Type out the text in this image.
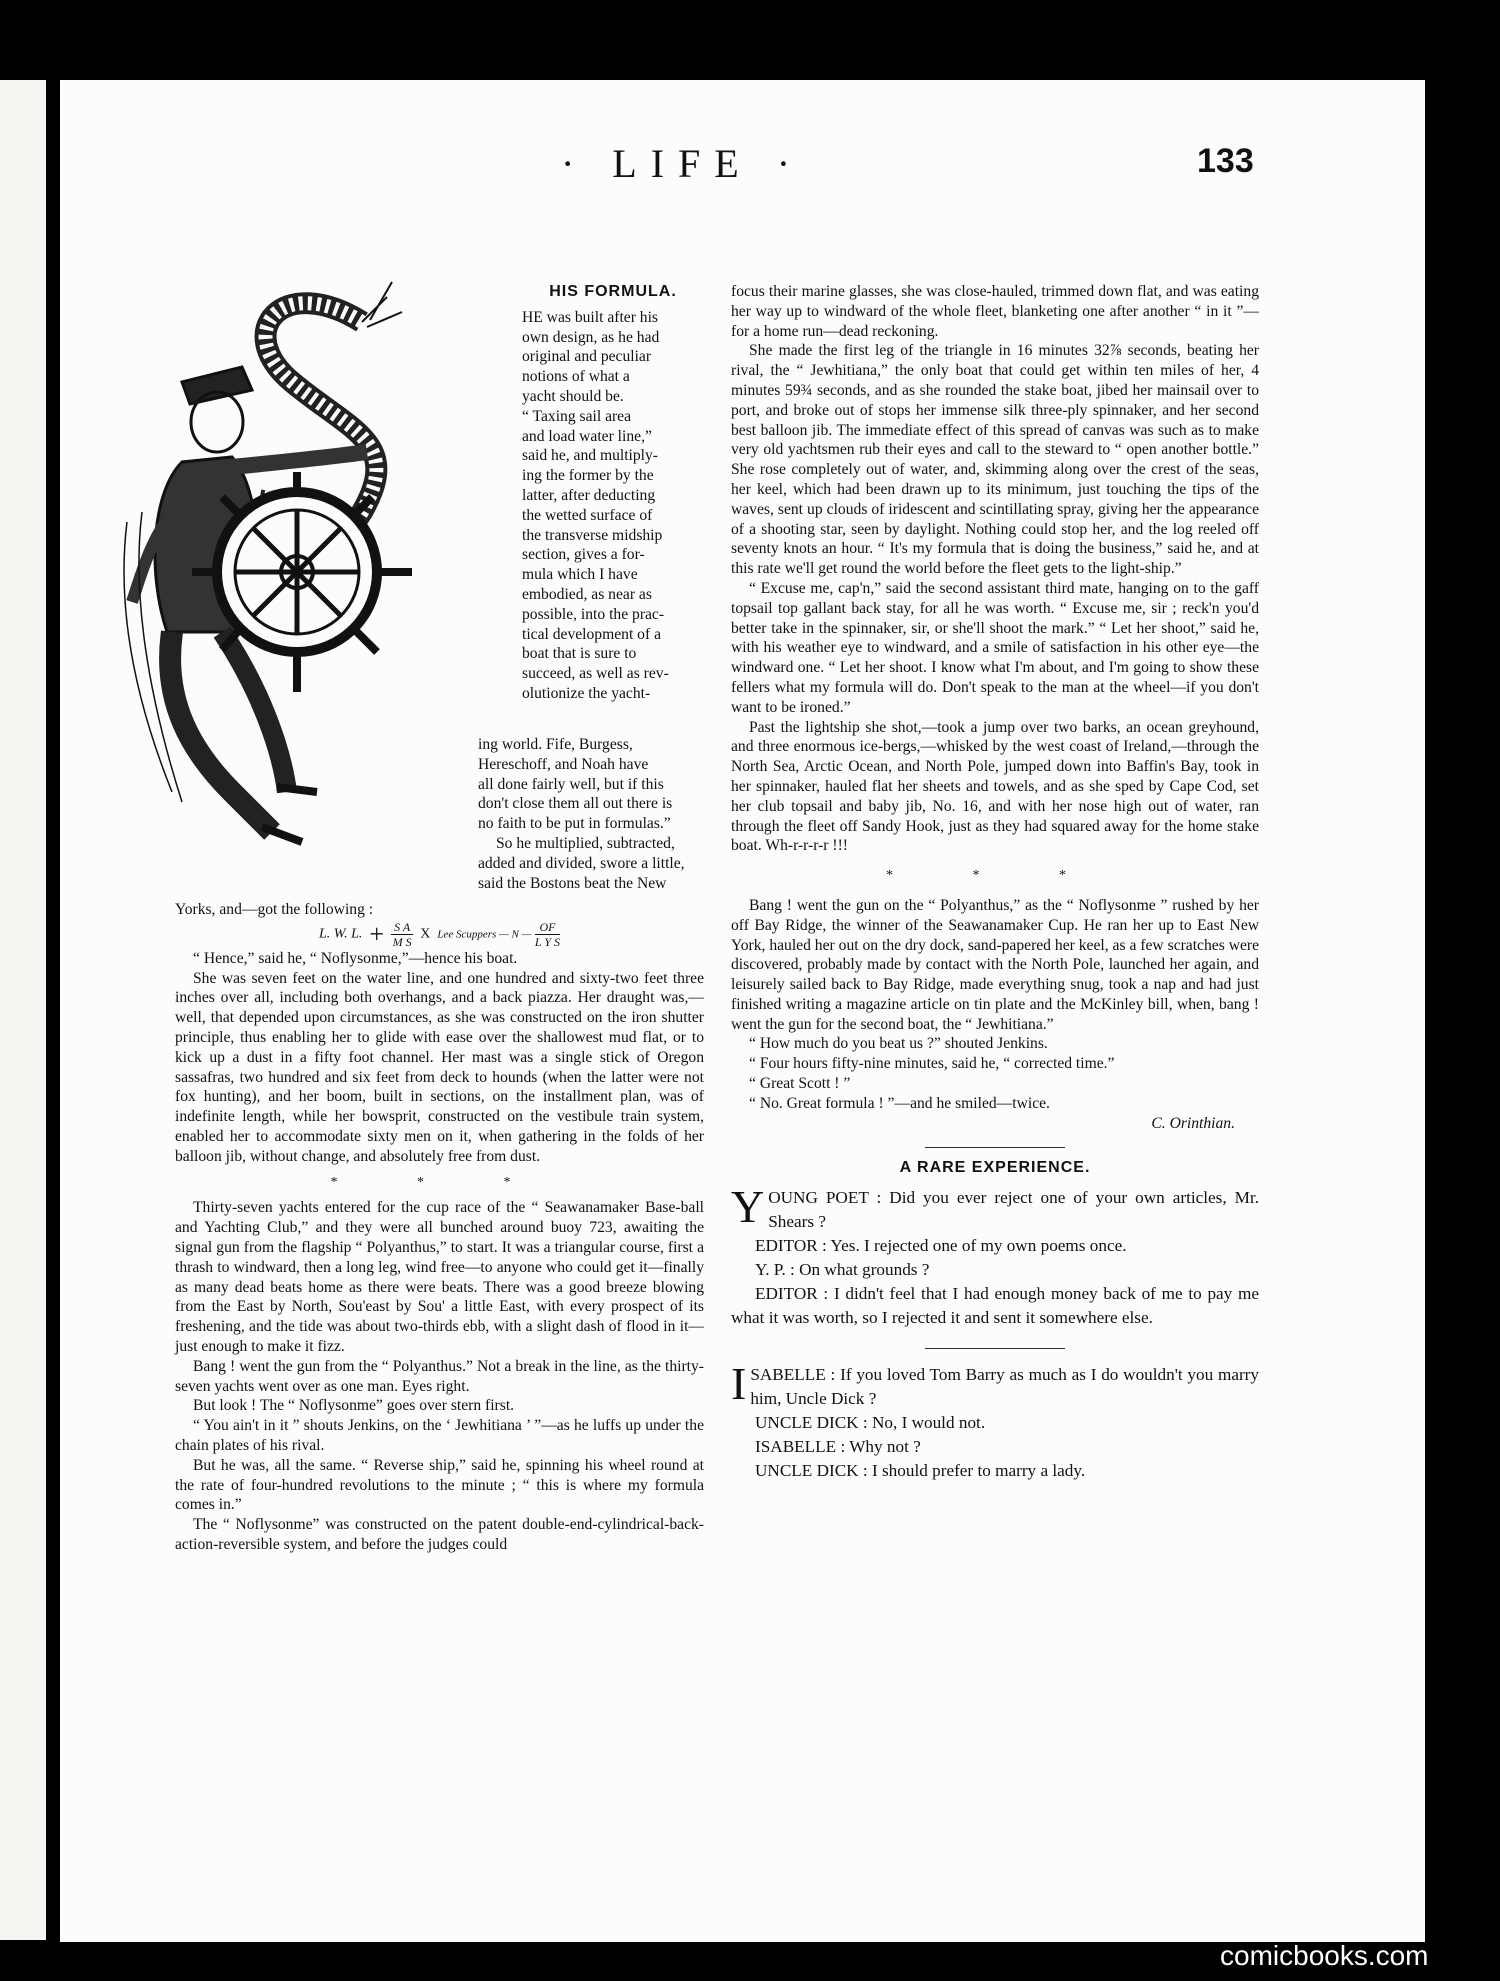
· LIFE ·	133

HIS FORMULA.

HE was built after his

own design, as he had

original and peculiar

notions of what a

yacht should be.

“ Taxing sail area

and load water line,”

said he, and multiply-

ing the former by the

latter, after deducting

the wetted surface of

the transverse midship

section, gives a for-

mula which I have

embodied, as near as

possible, into the prac-

tical development of a

boat that is sure to

succeed, as well as rev-

olutionize the yacht-

ing world. Fife, Burgess,

Hereschoff, and Noah have

all done fairly well, but if this

don't close them all out there is

no faith to be put in formulas.”

So he multiplied, subtracted,

added and divided, swore a little,

said the Bostons beat the New

Yorks, and—got the following :

L. W. L. + $\frac{\text{S A}}{\text{M S}}$ X Lee Scuppers — N — $\frac{OF}{\text{L Y S}}$

“ Hence,” said he, “ Noflysonme,”—hence his boat.

She was seven feet on the water line, and one hundred and sixty-two feet three inches over all, including both overhangs, and a back piazza. Her draught was,—well, that depended upon circumstances, as she was constructed on the iron shutter principle, thus enabling her to glide with ease over the shallowest mud flat, or to kick up a dust in a fifty foot channel. Her mast was a single stick of Oregon sassafras, two hundred and six feet from deck to hounds (when the latter were not fox hunting), and her boom, built in sections, on the installment plan, was of indefinite length, while her bowsprit, constructed on the vestibule train system, enabled her to accommodate sixty men on it, when gathering in the folds of her balloon jib, without change, and absolutely free from dust.

* * *

Thirty-seven yachts entered for the cup race of the “ Seawanamaker Base-ball and Yachting Club,” and they were all bunched around buoy 723, awaiting the signal gun from the flagship “ Polyanthus,” to start. It was a triangular course, first a thrash to windward, then a long leg, wind free—to anyone who could get it—finally as many dead beats home as there were beats. There was a good breeze blowing from the East by North, Sou'east by Sou' a little East, with every prospect of its freshening, and the tide was about two-thirds ebb, with a slight dash of flood in it—just enough to make it fizz.

Bang ! went the gun from the “ Polyanthus.” Not a break in the line, as the thirty-seven yachts went over as one man. Eyes right.

But look ! The “ Noflysonme” goes over stern first.

“ You ain't in it ” shouts Jenkins, on the ‘ Jewhitiana ’ ”—as he luffs up under the chain plates of his rival.

But he was, all the same. “ Reverse ship,” said he, spinning his wheel round at the rate of four-hundred revolutions to the minute ; “ this is where my formula comes in.”

The “ Noflysonme” was constructed on the patent double-end-cylindrical-back-action-reversible system, and before the judges could

focus their marine glasses, she was close-hauled, trimmed down flat, and was eating her way up to windward of the whole fleet, blanketing one after another “ in it ”—for a home run—dead reckoning.

She made the first leg of the triangle in 16 minutes 32⅞ seconds, beating her rival, the “ Jewhitiana,” the only boat that could get within ten miles of her, 4 minutes 59¾ seconds, and as she rounded the stake boat, jibed her mainsail over to port, and broke out of stops her immense silk three-ply spinnaker, and her second best balloon jib. The immediate effect of this spread of canvas was such as to make very old yachtsmen rub their eyes and call to the steward to “ open another bottle.” She rose completely out of water, and, skimming along over the crest of the seas, her keel, which had been drawn up to its minimum, just touching the tips of the waves, sent up clouds of iridescent and scintillating spray, giving her the appearance of a shooting star, seen by daylight. Nothing could stop her, and the log reeled off seventy knots an hour. “ It's my formula that is doing the business,” said he, and at this rate we'll get round the world before the fleet gets to the light-ship.”

“ Excuse me, cap'n,” said the second assistant third mate, hanging on to the gaff topsail top gallant back stay, for all he was worth. “ Excuse me, sir ; reck'n you'd better take in the spinnaker, sir, or she'll shoot the mark.” “ Let her shoot,” said he, with his weather eye to windward, and a smile of satisfaction in his other eye—the windward one. “ Let her shoot. I know what I'm about, and I'm going to show these fellers what my formula will do. Don't speak to the man at the wheel—if you don't want to be ironed.”

Past the lightship she shot,—took a jump over two barks, an ocean greyhound, and three enormous ice-bergs,—whisked by the west coast of Ireland,—through the North Sea, Arctic Ocean, and North Pole, jumped down into Baffin's Bay, took in her spinnaker, hauled flat her sheets and towels, and as she sped by Cape Cod, set her club topsail and baby jib, No. 16, and with her nose high out of water, ran through the fleet off Sandy Hook, just as they had squared away for the home stake boat. Wh-r-r-r-r !!!

* * *

Bang ! went the gun on the “ Polyanthus,” as the “ Noflysonme ” rushed by her off Bay Ridge, the winner of the Seawanamaker Cup. He ran her up to East New York, hauled her out on the dry dock, sand-papered her keel, as a few scratches were discovered, probably made by contact with the North Pole, launched her again, and leisurely sailed back to Bay Ridge, made everything snug, took a nap and had just finished writing a magazine article on tin plate and the McKinley bill, when, bang ! went the gun for the second boat, the “ Jewhitiana.”

“ How much do you beat us ?” shouted Jenkins.

“ Four hours fifty-nine minutes, said he, “ corrected time.”

“ Great Scott ! ”

“ No. Great formula ! ”—and he smiled—twice.

C. Orinthian.

A RARE EXPERIENCE.

YOUNG POET : Did you ever reject one of your own articles, Mr. Shears ?

EDITOR : Yes. I rejected one of my own poems once.

Y. P. : On what grounds ?

EDITOR : I didn't feel that I had enough money back of me to pay me what it was worth, so I rejected it and sent it somewhere else.

ISABELLE : If you loved Tom Barry as much as I do wouldn't you marry him, Uncle Dick ?

UNCLE DICK : No, I would not.

ISABELLE : Why not ?

UNCLE DICK : I should prefer to marry a lady.

comicbooks.com
